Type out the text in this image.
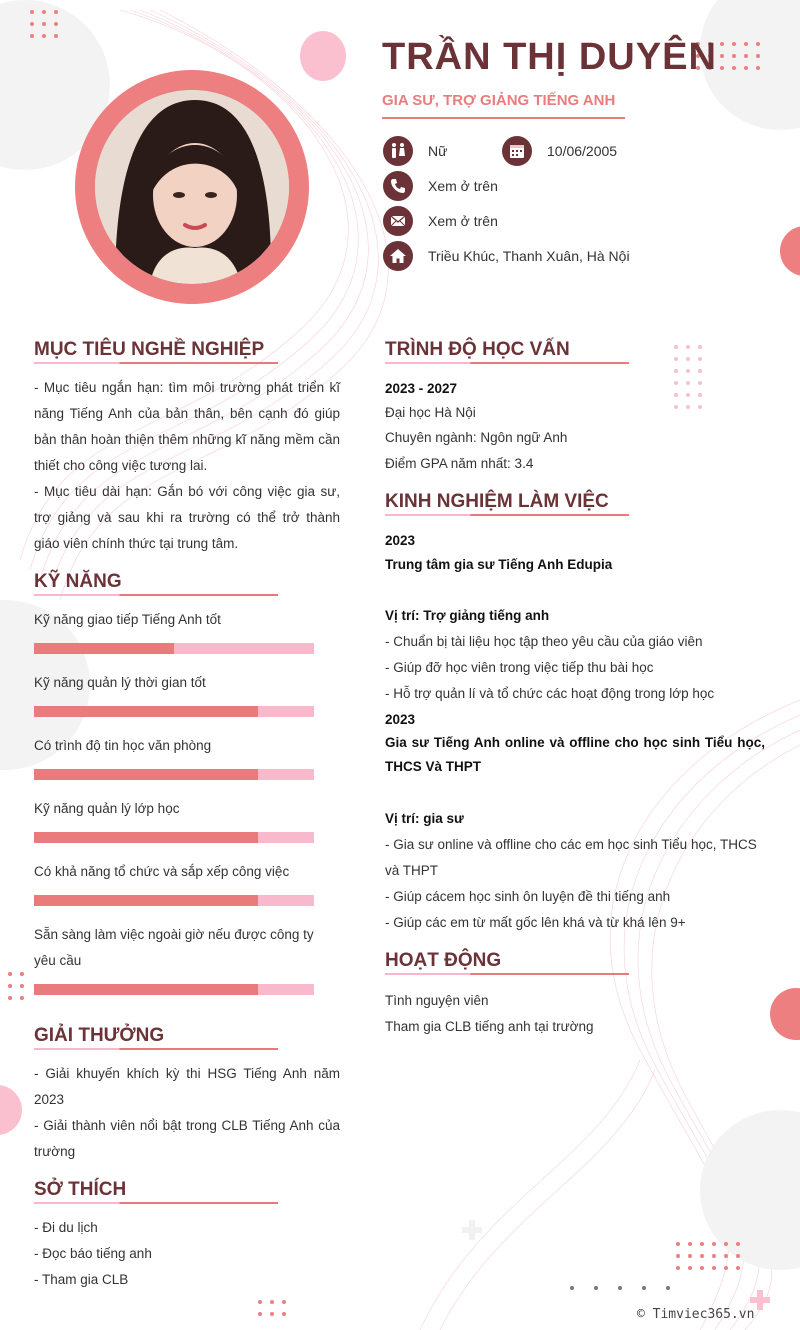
TRẦN THỊ DUYÊN
GIA SƯ, TRỢ GIẢNG TIẾNG ANH
Nữ	10/06/2005
Xem ở trên
Xem ở trên
Triều Khúc, Thanh Xuân, Hà Nội
MỤC TIÊU NGHỀ NGHIỆP
- Mục tiêu ngắn hạn: tìm môi trường phát triển kĩ năng Tiếng Anh của bản thân, bên cạnh đó giúp bản thân hoàn thiện thêm những kĩ năng mềm cần thiết cho công việc tương lai.
- Mục tiêu dài hạn: Gắn bó với công việc gia sư, trợ giảng và sau khi ra trường có thể trở thành giáo viên chính thức tại trung tâm.
KỸ NĂNG
Kỹ năng giao tiếp Tiếng Anh tốt
Kỹ năng quản lý thời gian tốt
Có trình độ tin học văn phòng
Kỹ năng quản lý lớp học
Có khả năng tổ chức và sắp xếp công việc
Sẵn sàng làm việc ngoài giờ nếu được công ty yêu cầu
GIẢI THƯỞNG
- Giải khuyến khích kỳ thi HSG Tiếng Anh năm 2023
- Giải thành viên nổi bật trong CLB Tiếng Anh của trường
SỞ THÍCH
- Đi du lịch
- Đọc báo tiếng anh
- Tham gia CLB
TRÌNH ĐỘ HỌC VẤN
2023 - 2027
Đại học Hà Nội
Chuyên ngành: Ngôn ngữ Anh
Điểm GPA năm nhất: 3.4
KINH NGHIỆM LÀM VIỆC
2023
Trung tâm gia sư Tiếng Anh Edupia
Vị trí: Trợ giảng tiếng anh
- Chuẩn bị tài liệu học tập theo yêu cầu của giáo viên
- Giúp đỡ học viên trong việc tiếp thu bài học
- Hỗ trợ quản lí và tổ chức các hoạt động trong lớp học
2023
Gia sư Tiếng Anh online và offline cho học sinh Tiểu học, THCS Và THPT
Vị trí: gia sư
- Gia sư online và offline cho các em học sinh Tiểu học, THCS và THPT
- Giúp cácem học sinh ôn luyện đề thi tiếng anh
- Giúp các em từ mất gốc lên khá và từ khá lên 9+
HOẠT ĐỘNG
Tình nguyện viên
Tham gia CLB tiếng anh tại trường
© Timviec365.vn
